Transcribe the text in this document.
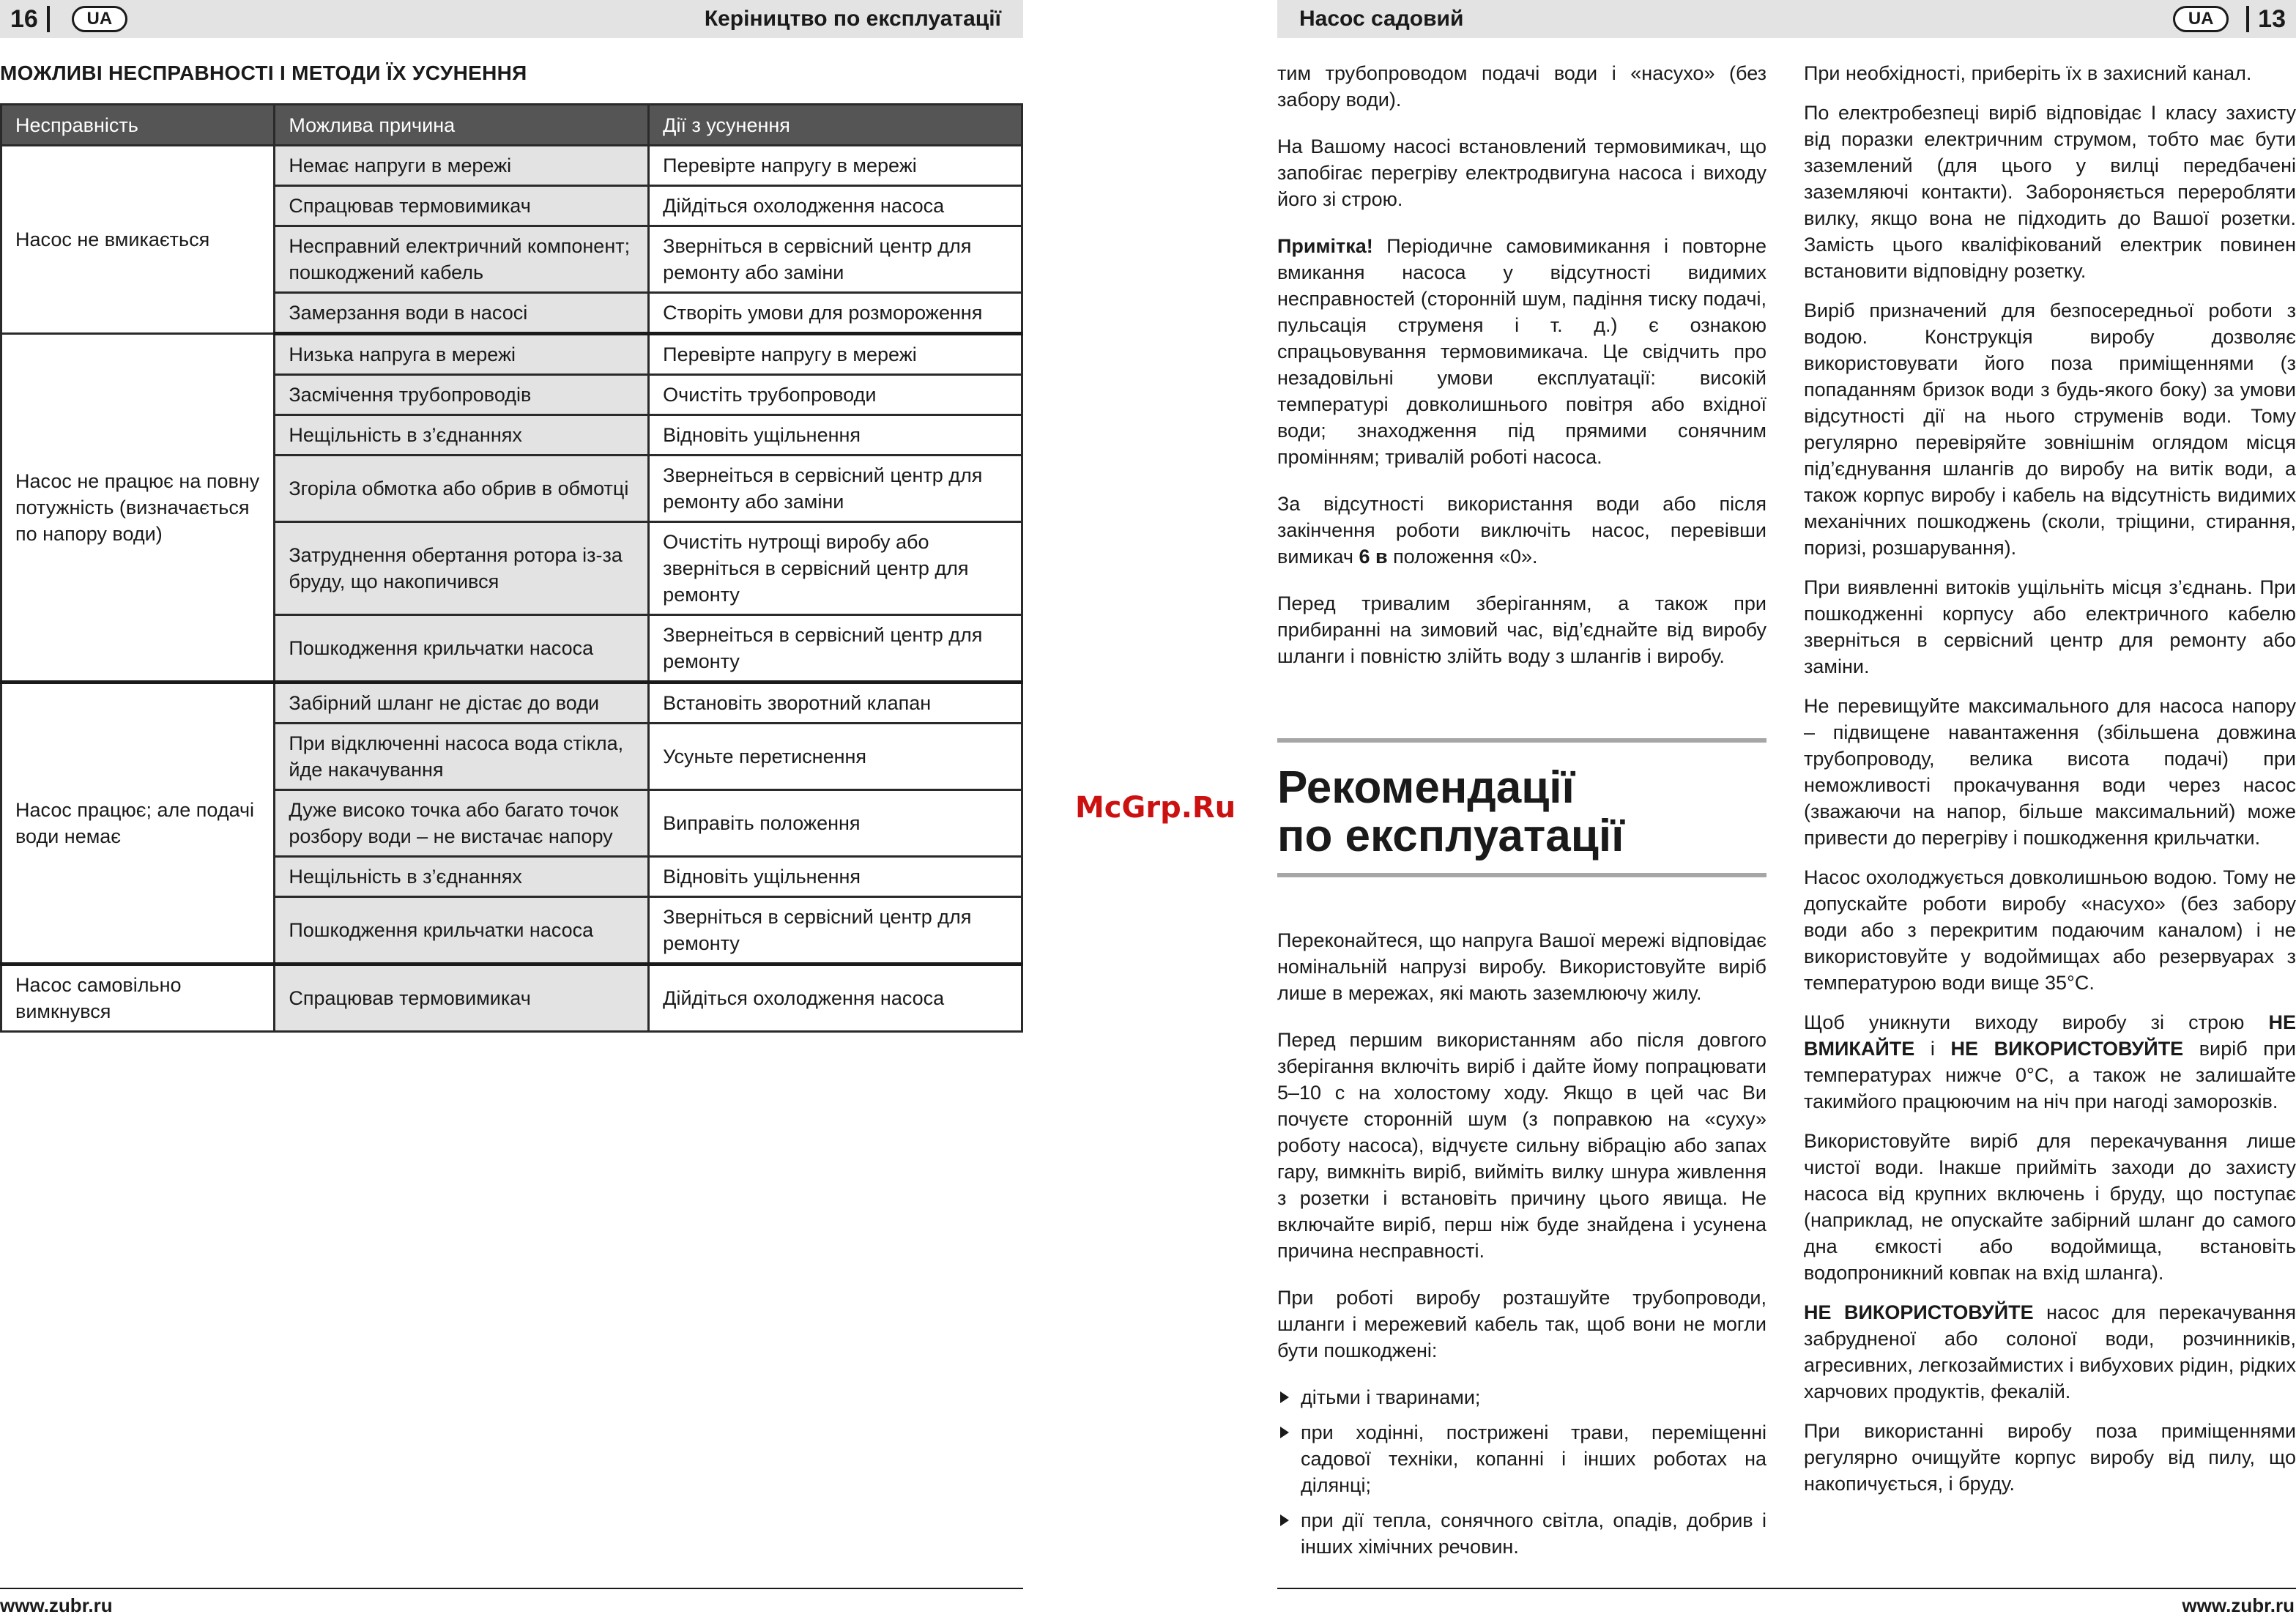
16	UA	Керіництво по експлуатації	Насос садовий	UA	13
МОЖЛИВІ НЕСПРАВНОСТІ І МЕТОДИ ЇХ УСУНЕННЯ
Несправність	Можлива причина	Дії з усунення
Насос не вмикається	Немає напруги в мережі	Перевірте напругу в мережі
	Спрацював термовимикач	Дійдіться охолодження насоса
	Несправний електричний компонент; пошкоджений кабель	Зверніться в сервісний центр для ремонту або заміни
	Замерзання води в насосі	Створіть умови для розмороження
Насос не працює на повну потужність (визначається по напору води)	Низька напруга в мережі	Перевірте напругу в мережі
	Засмічення трубопроводів	Очистіть трубопроводи
	Нещільність в з’єднаннях	Відновіть ущільнення
	Згоріла обмотка або обрив в обмотці	Звернеіться в сервісний центр для ремонту або заміни
	Затруднення обертання ротора із-за бруду, що накопичився	Очистіть нутрощі виробу або зверніться в сервісний центр для ремонту
	Пошкодження крильчатки насоса	Звернеіться в сервісний центр для ремонту
Насос працює; але подачі води немає	Забірний шланг не дістає до води	Встановіть зворотний клапан
	При відключенні насоса вода стікла, йде накачування	Усуньте перетиснення
	Дуже високо точка або багато точок розбору води – не вистачає напору	Виправіть положення
	Нещільність в з’єднаннях	Відновіть ущільнення
	Пошкодження крильчатки насоса	Зверніться в сервісний центр для ремонту
Насос самовільно вимкнувся	Спрацював термовимикач	Дійдіться охолодження насоса
McGrp.Ru

тим трубопроводом подачі води і «насухо» (без забору води).

На Вашому насосі встановлений термовимикач, що запобігає перегріву електродвигуна насоса і виходу його зі строю.

Примітка! Періодичне самовимикання і повторне вмикання насоса у відсутності видимих несправностей (сторонній шум, падіння тиску подачі, пульсація струменя і т. д.) є ознакою спрацьовування термовимикача. Це свідчить про незадовільні умови експлуатації: високій температурі довколишнього повітря або вхідної води; знаходження під прямими сонячним промінням; тривалій роботі насоса.

За відсутності використання води або після закінчення роботи виключіть насос, перевівши вимикач 6 в положення «0».

Перед тривалим зберіганням, а також при прибиранні на зимовий час, від’єднайте від виробу шланги і повністю злійть воду з шлангів і виробу.

Рекомендації
по експлуатації

Переконайтеся, що напруга Вашої мережі відповідає номінальній напрузі виробу. Використовуйте виріб лише в мережах, які мають заземлюючу жилу.

Перед першим використанням або після довгого зберігання включіть виріб і дайте йому попрацювати 5–10 с на холостому ходу. Якщо в цей час Ви почуєте сторонній шум (з поправкою на «суху» роботу насоса), відчуєте сильну вібрацію або запах гару, вимкніть виріб, вийміть вилку шнура живлення з розетки і встановіть причину цього явища. Не включайте виріб, перш ніж буде знайдена і усунена причина несправності.

При роботі виробу розташуйте трубопроводи, шланги і мережевий кабель так, щоб вони не могли бути пошкоджені:

дітьми і тваринами;
при ходінні, пострижені трави, переміщенні садової техніки, копанні і інших роботах на ділянці;
при дії тепла, сонячного світла, опадів, добрив і інших хімічних речовин.

При необхідності, приберіть їх в захисний канал.

По електробезпеці виріб відповідає I класу захисту від поразки електричним струмом, тобто має бути заземлений (для цього у вилці передбачені заземляючі контакти). Забороняється переробляти вилку, якщо вона не підходить до Вашої розетки. Замість цього кваліфікований електрик повинен встановити відповідну розетку.

Виріб призначений для безпосередньої роботи з водою. Конструкція виробу дозволяє використовувати його поза приміщеннями (з попаданням бризок води з будь-якого боку) за умови відсутності дії на нього струменів води. Тому регулярно перевіряйте зовнішнім оглядом місця під’єднування шлангів до виробу на витік води, а також корпус виробу і кабель на відсутність видимих механічних пошкоджень (сколи, тріщини, стирання, поризі, розшарування).

При виявленні витоків ущільніть місця з’єднань. При пошкодженні корпусу або електричного кабелю зверніться в сервісний центр для ремонту або заміни.

Не перевищуйте максимального для насоса напору – підвищене навантаження (збільшена довжина трубопроводу, велика висота подачі) при неможливості прокачування води через насос (зважаючи на напор, більше максимальний) може привести до перегріву і пошкодження крильчатки.

Насос охолоджується довколишньою водою. Тому не допускайте роботи виробу «насухо» (без забору води або з перекритим подаючим каналом) і не використовуйте у водоймищах або резервуарах з температурою води вище 35°C.

Щоб уникнути виходу виробу зі строю НЕ ВМИКАЙТЕ і НЕ ВИКОРИСТОВУЙТЕ виріб при температурах нижче 0°С, а також не залишайте такимйого працюючим на ніч при нагоді заморозків.

Використовуйте виріб для перекачування лише чистої води. Інакше прийміть заходи до захисту насоса від крупних включень і бруду, що поступає (наприклад, не опускайте забірний шланг до самого дна ємкості або водоймища, встановіть водопроникний ковпак на вхід шланга).

НЕ ВИКОРИСТОВУЙТЕ насос для перекачування забрудненої або солоної води, розчинників, агресивних, легкозаймистих і вибухових рідин, рідких харчових продуктів, фекалій.

При використанні виробу поза приміщеннями регулярно очищуйте корпус виробу від пилу, що накопичується, і бруду.

www.zubr.ru	www.zubr.ru
